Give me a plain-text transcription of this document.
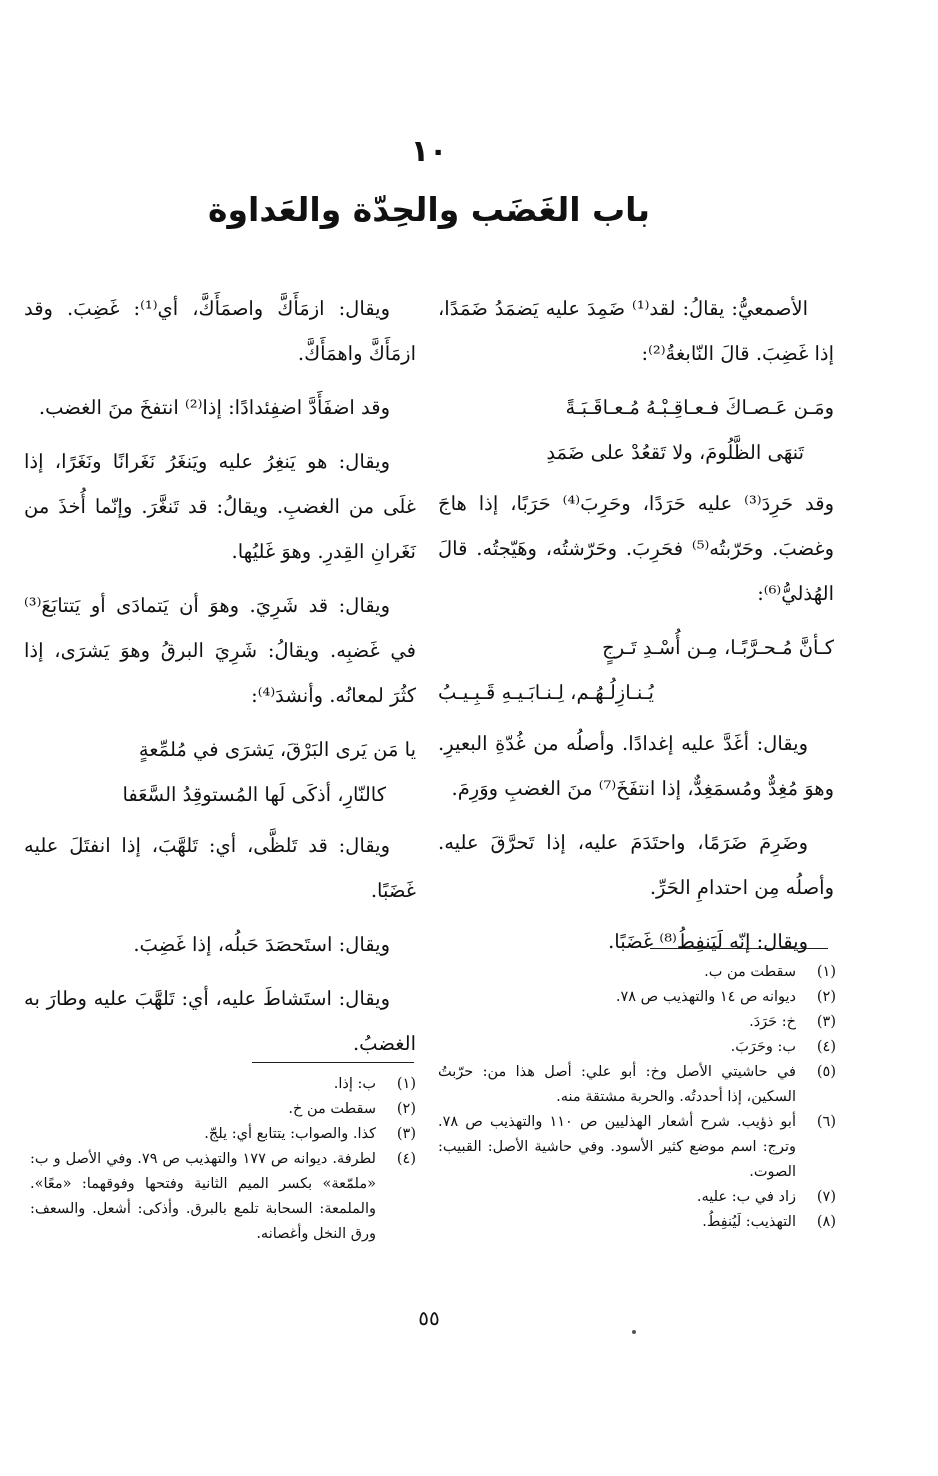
١٠
باب الغَضَب والحِدّة والعَداوة

الأصمعيُّ: يقالُ: لقد⁽¹⁾ ضَمِدَ عليه يَضمَدُ ضَمَدًا، إذا غَضِبَ. قالَ النّابغةُ⁽²⁾:

ومَـن عَـصـاكَ فـعـاقِـبْـهُ مُـعـاقَـبَـةً
تَنهَى الظَّلُومَ، ولا تَقعُدْ على ضَمَدِ

وقد حَرِدَ⁽³⁾ عليه حَرَدًا، وحَرِبَ⁽⁴⁾ حَرَبًا، إذا هاجَ وغضبَ. وحَرّبتُه⁽⁵⁾ فحَرِبَ. وحَرّشتُه، وهَيّجتُه. قالَ الهُذليُّ⁽⁶⁾:

كـأنَّ مُـحـرَّبًـا، مِـن أُسْـدِ تَـرجٍ
يُـنـازِلُـهُـم، لِـنـابَـيـهِ قَـبِـيـبُ

ويقال: أغَدَّ عليه إغدادًا. وأصلُه من غُدّةِ البعيرِ. وهوَ مُغِدٌّ ومُسمَغِدٌّ، إذا انتفَخَ⁽⁷⁾ منَ الغضبِ ووَرِمَ.

وضَرِمَ ضَرَمًا، واحتَدَمَ عليه، إذا تَحرَّقَ عليه. وأصلُه مِن احتدامِ الحَرِّ.

ويقال: إنّه لَيَنفِطُ⁽⁸⁾ غَضَبًا.

ويقال: ازمَأَكَّ واصمَأَكَّ، أي⁽¹⁾: غَضِبَ. وقد ازمَأَكَّ واهمَأَكَّ.

وقد اضفَأَدَّ اضفِئدادًا: إذا⁽²⁾ انتفخَ منَ الغضب.

ويقال: هو يَنغِرُ عليه ويَنغَرُ نَغَرانًا ونَغَرًا، إذا غلَى من الغضبِ. ويقالُ: قد تَنغَّرَ. وإنّما أُخذَ من نَغَرانِ القِدرِ. وهوَ غَليُها.

ويقال: قد شَرِيَ. وهوَ أن يَتمادَى أو يَتتابَعَ⁽³⁾ في غَضبِه. ويقالُ: شَرِيَ البرقُ وهوَ يَشرَى، إذا كثُرَ لمعانُه. وأنشدَ⁽⁴⁾:

يا مَن يَرى البَرْقَ، يَشرَى في مُلمِّعةٍ
كالنّارِ، أذكَى لَها المُستوقِدُ السَّعَفا

ويقال: قد تَلظَّى، أي: تَلهَّبَ، إذا انفتَلَ عليه غَضَبًا.

ويقال: استَحصَدَ حَبلُه، إذا غَضِبَ.

ويقال: استَشاطَ عليه، أي: تَلهَّبَ عليه وطارَ به الغضبُ.

(١)
سقطت من ب.
(٢)
ديوانه ص ١٤ والتهذيب ص ٧٨.
(٣)
خ: حَرَدَ.
(٤)
ب: وحَرَبَ.
(٥)
في حاشيتي الأصل وخ: أبو علي: أصل هذا من: حرّبتُ السكين، إذا أحددتُه. والحربة مشتقة منه.
(٦)
أبو ذؤيب. شرح أشعار الهذليين ص ١١٠ والتهذيب ص ٧٨. وترج: اسم موضع كثير الأسود. وفي حاشية الأصل: القبيب: الصوت.
(٧)
زاد في ب: عليه.
(٨)
التهذيب: لَيُنفِطُ.
(١)
ب: إذا.
(٢)
سقطت من خ.
(٣)
كذا. والصواب: يتتابع أي: يلجّ.
(٤)
لطرفة. ديوانه ص ١٧٧ والتهذيب ص ٧٩. وفي الأصل و ب: «ملمّعة» بكسر الميم الثانية وفتحها وفوقهما: «معًا». والملمعة: السحابة تلمع بالبرق. وأذكى: أشعل. والسعف: ورق النخل وأغصانه.
٥٥
